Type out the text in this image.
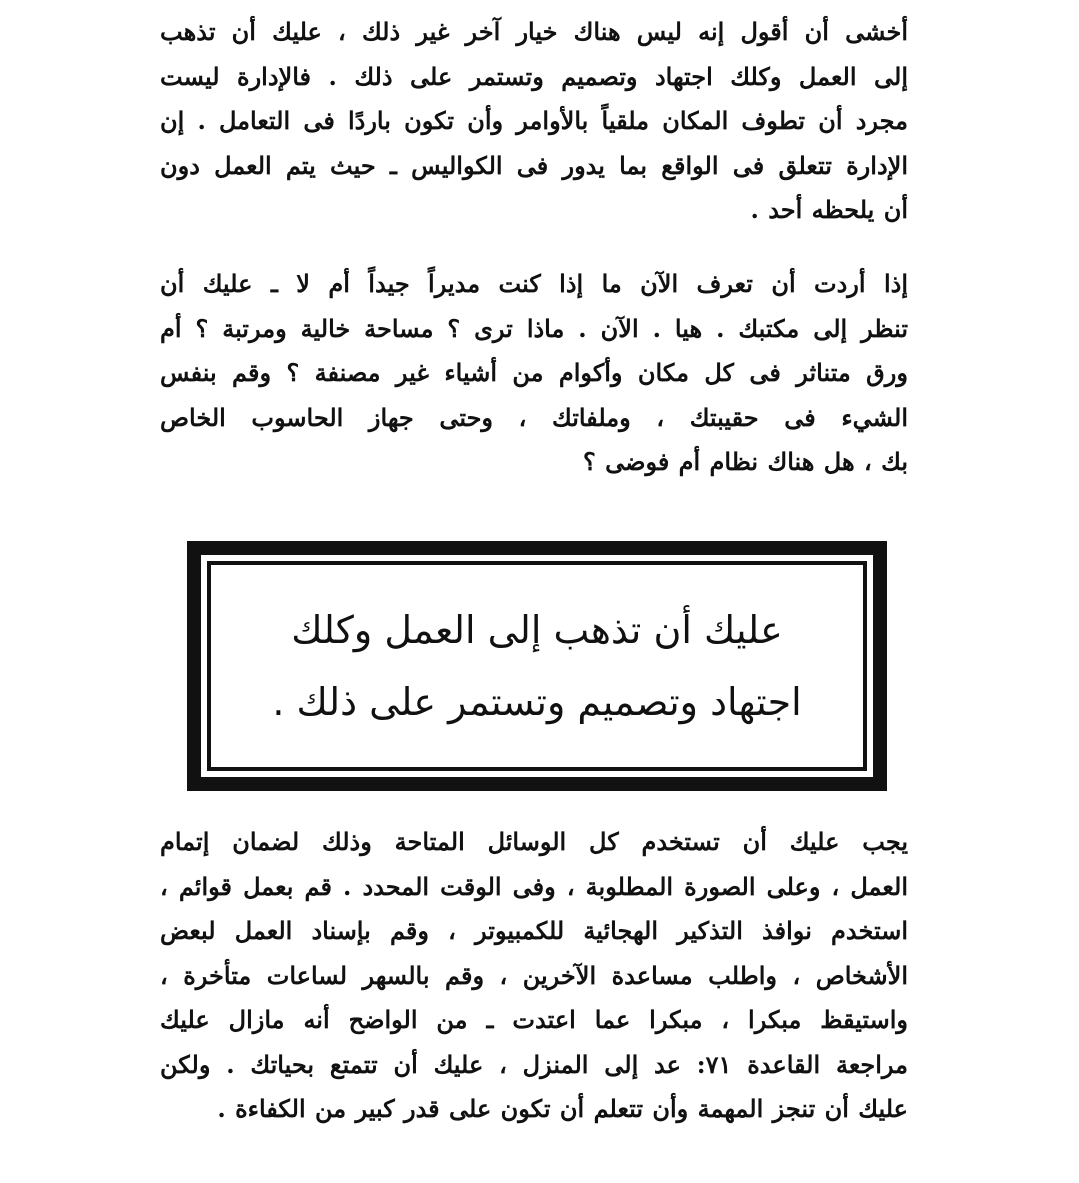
أخشى أن أقول إنه ليس هناك خيار آخر غير ذلك ، عليك أن تذهب
إلى العمل وكلك اجتهاد وتصميم وتستمر على ذلك . فالإدارة ليست
مجرد أن تطوف المكان ملقياً بالأوامر وأن تكون باردًا فى التعامل . إن
الإدارة تتعلق فى الواقع بما يدور فى الكواليس ـ حيث يتم العمل دون
أن يلحظه أحد .
إذا أردت أن تعرف الآن ما إذا كنت مديراً جيداً أم لا ـ عليك أن
تنظر إلى مكتبك . هيا . الآن . ماذا ترى ؟ مساحة خالية ومرتبة ؟ أم
ورق متناثر فى كل مكان وأكوام من أشياء غير مصنفة ؟ وقم بنفس
الشيء فى حقيبتك ، وملفاتك ، وحتى جهاز الحاسوب الخاص
بك ، هل هناك نظام أم فوضى ؟
عليك أن تذهب إلى العمل وكلك
اجتهاد وتصميم وتستمر على ذلك .
يجب عليك أن تستخدم كل الوسائل المتاحة وذلك لضمان إتمام
العمل ، وعلى الصورة المطلوبة ، وفى الوقت المحدد . قم بعمل قوائم ،
استخدم نوافذ التذكير الهجائية للكمبيوتر ، وقم بإسناد العمل لبعض
الأشخاص ، واطلب مساعدة الآخرين ، وقم بالسهر لساعات متأخرة ،
واستيقظ مبكرا ، مبكرا عما اعتدت ـ من الواضح أنه مازال عليك
مراجعة القاعدة ٧١: عد إلى المنزل ، عليك أن تتمتع بحياتك . ولكن
عليك أن تنجز المهمة وأن تتعلم أن تكون على قدر كبير من الكفاءة .
